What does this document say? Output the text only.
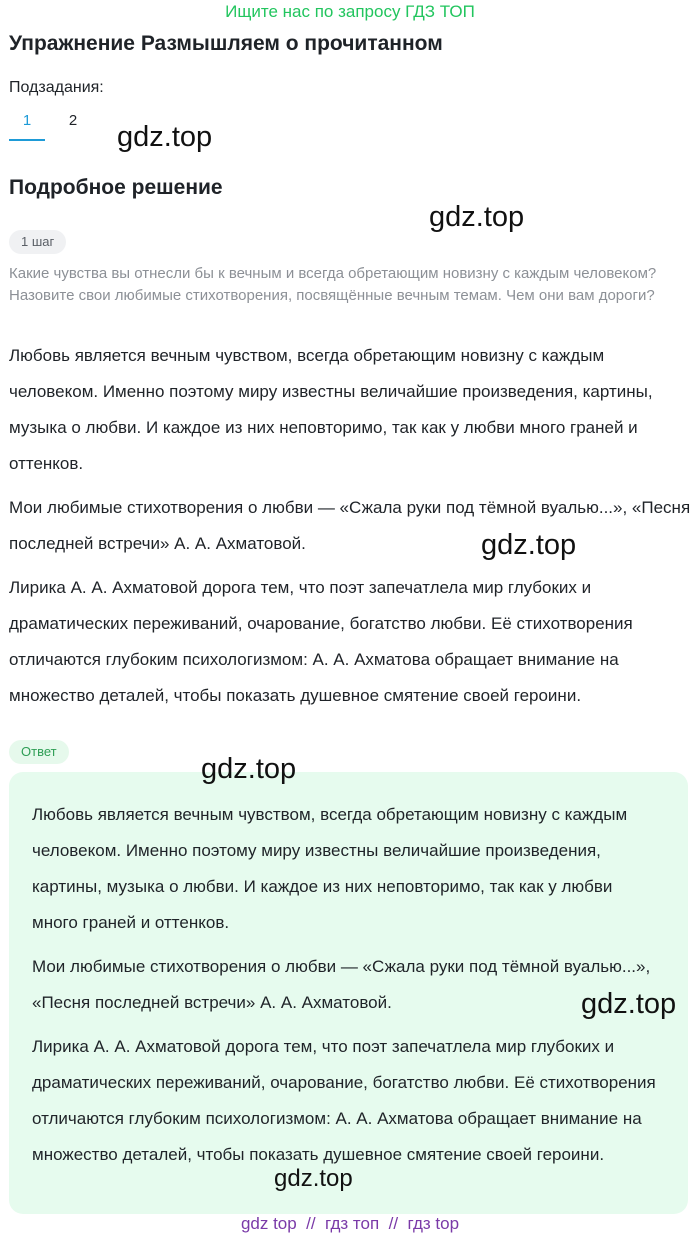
Ищите нас по запросу ГДЗ ТОП
Упражнение Размышляем о прочитанном
Подзадания:
1	2
Подробное решение
1 шаг

Какие чувства вы отнесли бы к вечным и всегда обретающим новизну с каждым человеком? Назовите свои любимые стихотворения, посвящённые вечным темам. Чем они вам дороги?

Любовь является вечным чувством, всегда обретающим новизну с каждым человеком. Именно поэтому миру известны величайшие произведения, картины, музыка о любви. И каждое из них неповторимо, так как у любви много граней и оттенков.

Мои любимые стихотворения о любви — «Сжала руки под тёмной вуалью...», «Песня последней встречи» А. А. Ахматовой.

Лирика А. А. Ахматовой дорога тем, что поэт запечатлела мир глубоких и драматических переживаний, очарование, богатство любви. Её стихотворения отличаются глубоким психологизмом: А. А. Ахматова обращает внимание на множество деталей, чтобы показать душевное смятение своей героини.

Ответ

Любовь является вечным чувством, всегда обретающим новизну с каждым человеком. Именно поэтому миру известны величайшие произведения, картины, музыка о любви. И каждое из них неповторимо, так как у любви много граней и оттенков.

Мои любимые стихотворения о любви — «Сжала руки под тёмной вуалью...», «Песня последней встречи» А. А. Ахматовой.

Лирика А. А. Ахматовой дорога тем, что поэт запечатлела мир глубоких и драматических переживаний, очарование, богатство любви. Её стихотворения отличаются глубоким психологизмом: А. А. Ахматова обращает внимание на множество деталей, чтобы показать душевное смятение своей героини.

gdz.top
gdz.top
gdz.top
gdz.top
gdz.top
gdz.top
gdz top  //  гдз топ  //  гдз top
